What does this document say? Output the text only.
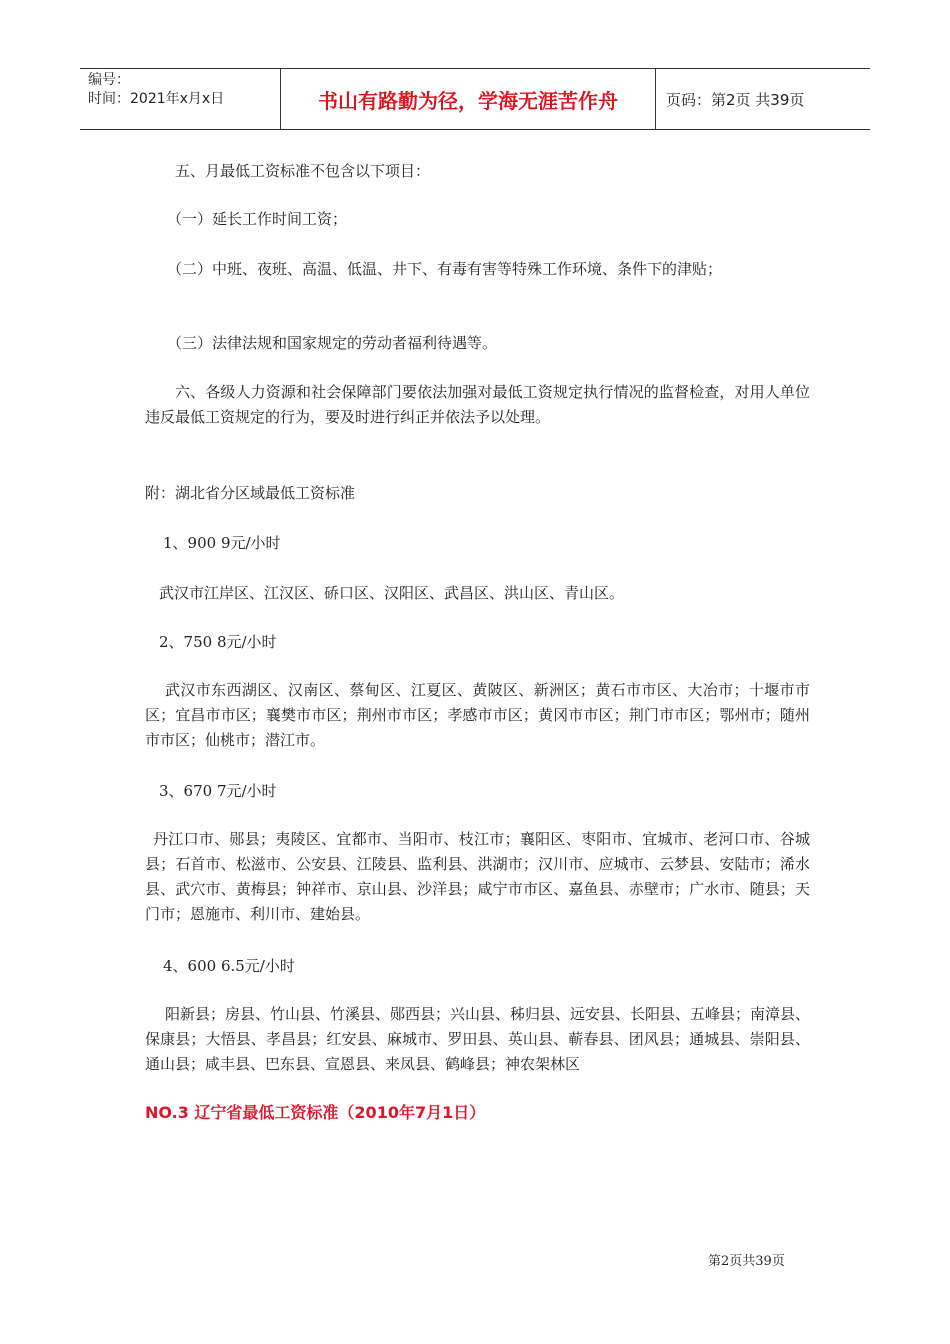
编号：
时间：2021年x月x日	书山有路勤为径，学海无涯苦作舟	页码：第2页 共39页
五、月最低工资标准不包含以下项目：
（一）延长工作时间工资；
（二）中班、夜班、高温、低温、井下、有毒有害等特殊工作环境、条件下的津贴；
（三）法律法规和国家规定的劳动者福利待遇等。
六、各级人力资源和社会保障部门要依法加强对最低工资规定执行情况的监督检查，对用人单位违反最低工资规定的行为，要及时进行纠正并依法予以处理。
附：湖北省分区域最低工资标准
1、900 9元/小时
武汉市江岸区、江汉区、硚口区、汉阳区、武昌区、洪山区、青山区。
2、750 8元/小时
武汉市东西湖区、汉南区、蔡甸区、江夏区、黄陂区、新洲区；黄石市市区、大冶市；十堰市市区；宜昌市市区；襄樊市市区；荆州市市区；孝感市市区；黄冈市市区；荆门市市区；鄂州市；随州市市区；仙桃市；潜江市。
3、670 7元/小时
丹江口市、郧县；夷陵区、宜都市、当阳市、枝江市；襄阳区、枣阳市、宜城市、老河口市、谷城县；石首市、松滋市、公安县、江陵县、监利县、洪湖市；汉川市、应城市、云梦县、安陆市；浠水县、武穴市、黄梅县；钟祥市、京山县、沙洋县；咸宁市市区、嘉鱼县、赤壁市；广水市、随县；天门市；恩施市、利川市、建始县。
4、600 6.5元/小时
阳新县；房县、竹山县、竹溪县、郧西县；兴山县、秭归县、远安县、长阳县、五峰县；南漳县、保康县；大悟县、孝昌县；红安县、麻城市、罗田县、英山县、蕲春县、团风县；通城县、崇阳县、通山县；咸丰县、巴东县、宣恩县、来凤县、鹤峰县；神农架林区
NO.3 辽宁省最低工资标准（2010年7月1日）
第2页共39页
